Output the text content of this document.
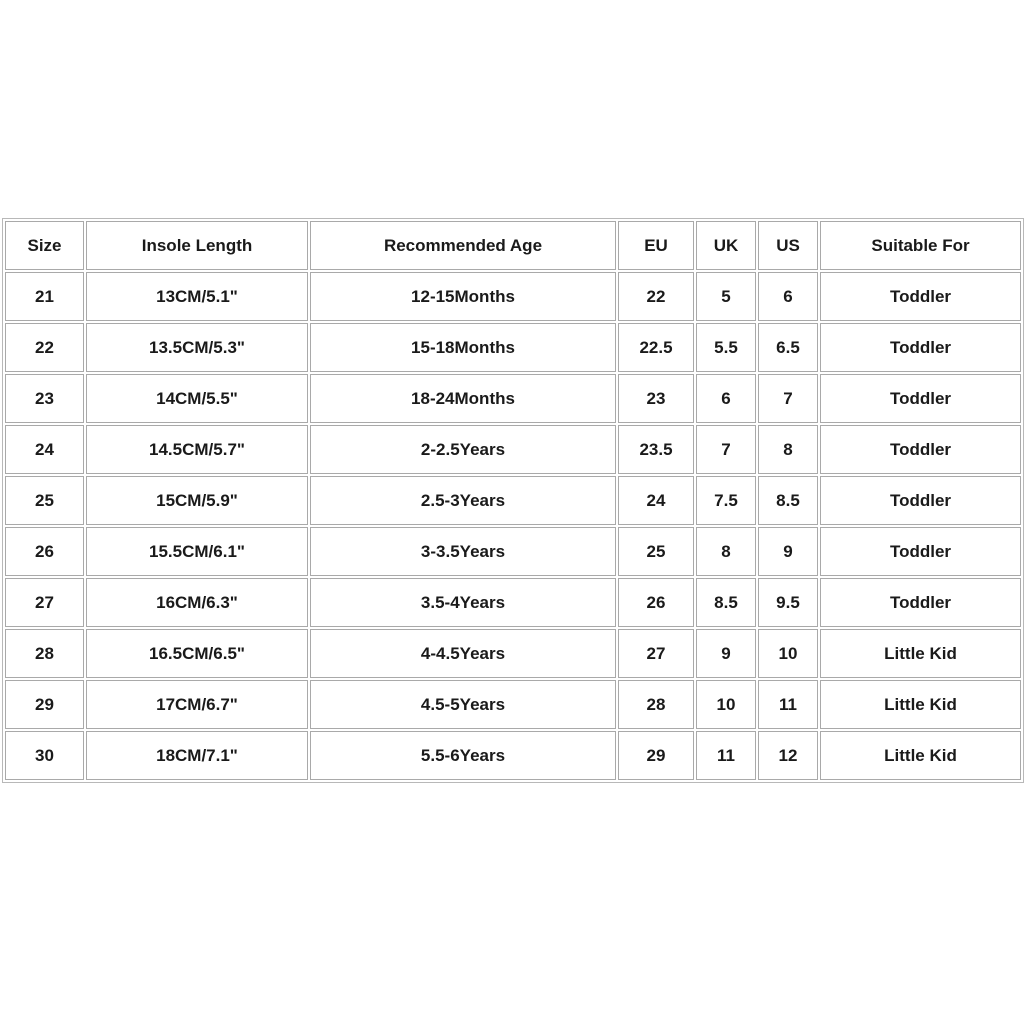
Size	Insole Length	Recommended Age	EU	UK	US	Suitable For
21	13CM/5.1"	12-15Months	22	5	6	Toddler
22	13.5CM/5.3"	15-18Months	22.5	5.5	6.5	Toddler
23	14CM/5.5"	18-24Months	23	6	7	Toddler
24	14.5CM/5.7"	2-2.5Years	23.5	7	8	Toddler
25	15CM/5.9"	2.5-3Years	24	7.5	8.5	Toddler
26	15.5CM/6.1"	3-3.5Years	25	8	9	Toddler
27	16CM/6.3"	3.5-4Years	26	8.5	9.5	Toddler
28	16.5CM/6.5"	4-4.5Years	27	9	10	Little Kid
29	17CM/6.7"	4.5-5Years	28	10	11	Little Kid
30	18CM/7.1"	5.5-6Years	29	11	12	Little Kid
